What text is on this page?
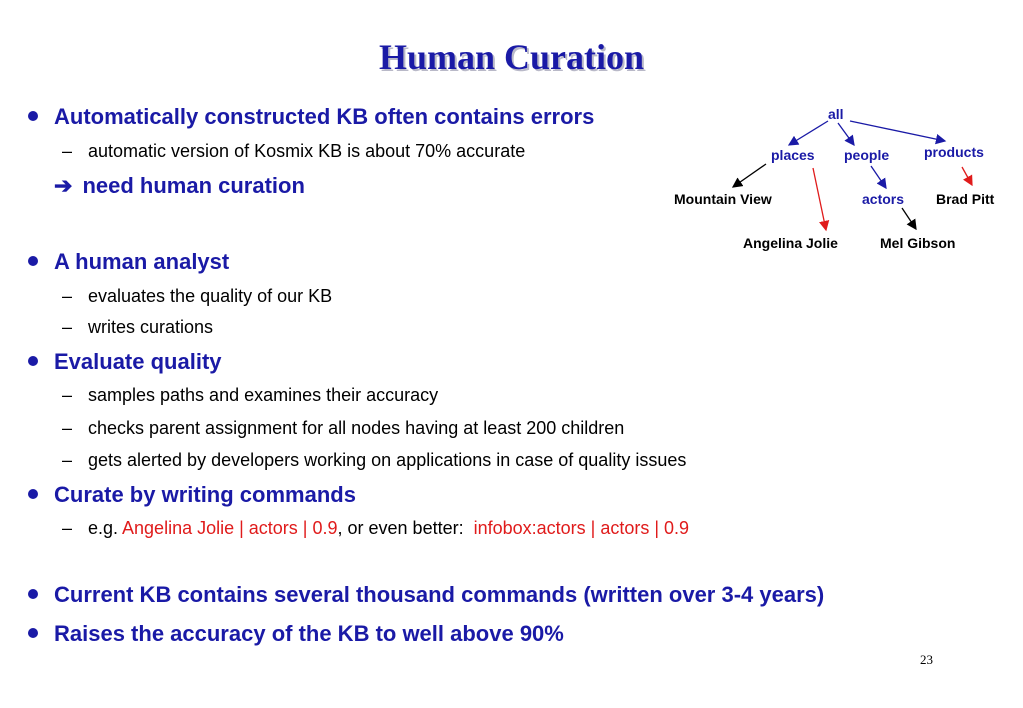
Human Curation
Automatically constructed KB often contains errors
– automatic version of Kosmix KB is about 70% accurate
➔ need human curation
A human analyst
– evaluates the quality of our KB
– writes curations
Evaluate quality
– samples paths and examines their accuracy
– checks parent assignment for all nodes having at least 200 children
– gets alerted by developers working on applications in case of quality issues
Curate by writing commands
– e.g. Angelina Jolie | actors | 0.9, or even better:  infobox:actors | actors | 0.9
Current KB contains several thousand commands (written over 3-4 years)
Raises the accuracy of the KB to well above 90%
all
places people products
Mountain View	actors Brad Pitt
Angelina Jolie	Mel Gibson
23
